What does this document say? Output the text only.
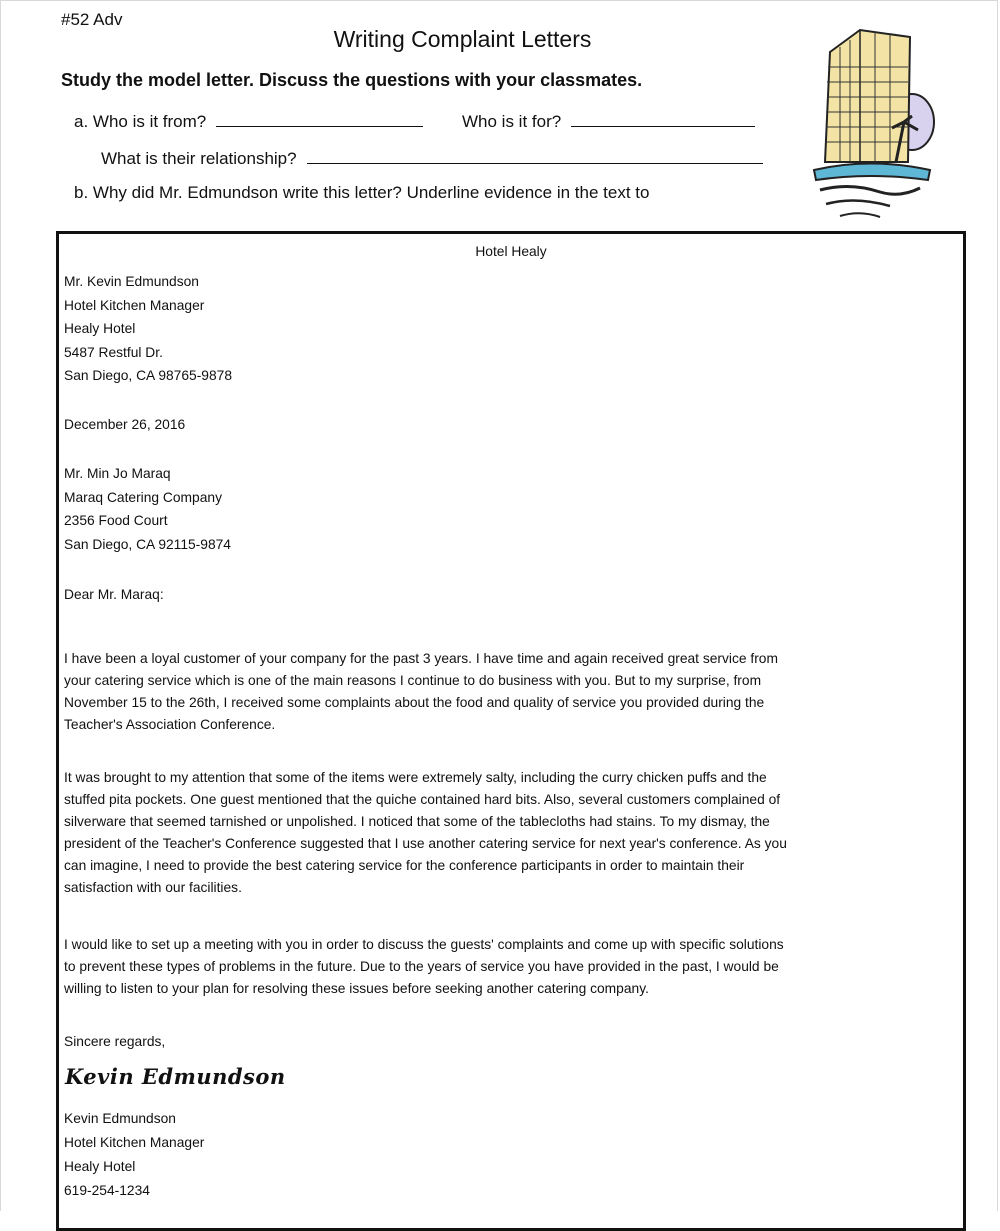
#52 Adv
Writing Complaint Letters
Study the model letter. Discuss the questions with your classmates.
a. Who is it from?	Who is it for?
What is their relationship?
b. Why did Mr. Edmundson write this letter? Underline evidence in the text to
Hotel Healy
Mr. Kevin Edmundson
Hotel Kitchen Manager
Healy Hotel
5487 Restful Dr.
San Diego, CA 98765-9878
December 26, 2016
Mr. Min Jo Maraq
Maraq Catering Company
2356 Food Court
San Diego, CA 92115-9874
Dear Mr. Maraq:
I have been a loyal customer of your company for the past 3 years. I have time and again received great service from
your catering service which is one of the main reasons I continue to do business with you. But to my surprise, from
November 15 to the 26th, I received some complaints about the food and quality of service you provided during the
Teacher's Association Conference.
It was brought to my attention that some of the items were extremely salty, including the curry chicken puffs and the
stuffed pita pockets. One guest mentioned that the quiche contained hard bits. Also, several customers complained of
silverware that seemed tarnished or unpolished. I noticed that some of the tablecloths had stains. To my dismay, the
president of the Teacher's Conference suggested that I use another catering service for next year's conference. As you
can imagine, I need to provide the best catering service for the conference participants in order to maintain their
satisfaction with our facilities.
I would like to set up a meeting with you in order to discuss the guests' complaints and come up with specific solutions
to prevent these types of problems in the future. Due to the years of service you have provided in the past, I would be
willing to listen to your plan for resolving these issues before seeking another catering company.
Sincere regards,
Kevin Edmundson
Kevin Edmundson
Hotel Kitchen Manager
Healy Hotel
619-254-1234
